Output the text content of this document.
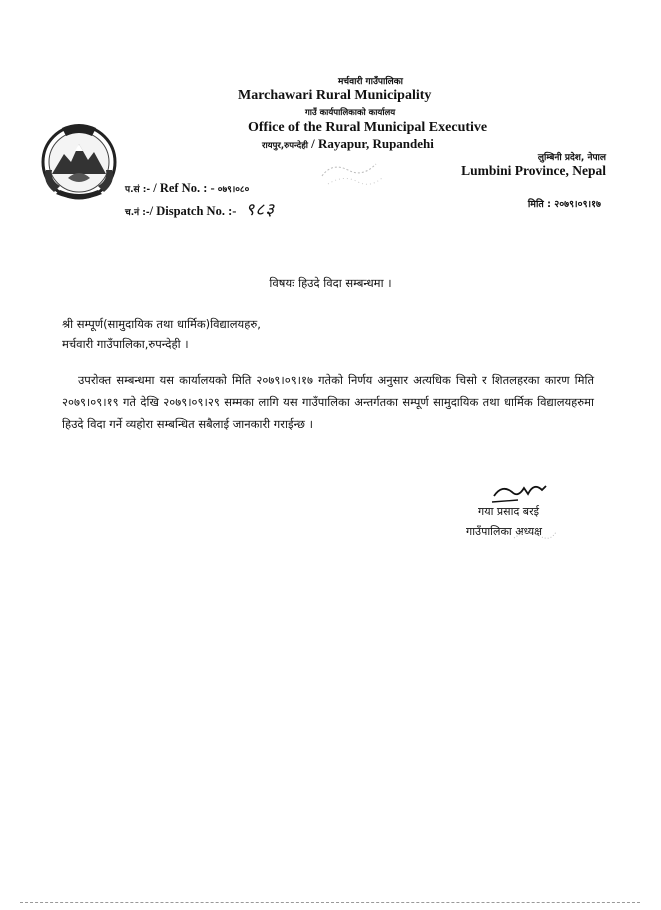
मर्चवारी गाउँपालिका
Marchawari Rural Municipality
गाउँ कार्यपालिकाको कार्यालय
Office of the Rural Municipal Executive
रायपुर,रुपन्देही / Rayapur, Rupandehi
लुम्बिनी प्रदेश, नेपाल
Lumbini Province, Nepal
प.सं :- / Ref No. : - ०७९।०८०
च.नं :-/ Dispatch No. :- ९८३	मिति : २०७९।०९।१७
विषयः हिउदे विदा सम्बन्धमा ।
श्री सम्पूर्ण(सामुदायिक तथा धार्मिक)विद्यालयहरु,
मर्चवारी गाउँपालिका,रुपन्देही ।
उपरोक्त सम्बन्धमा यस कार्यालयको मिति २०७९।०९।१७ गतेको निर्णय अनुसार अत्यधिक चिसो र शितलहरका कारण मिति २०७९।०९।१९ गते देखि २०७९।०९।२९ सम्मका लागि यस गाउँपालिका अन्तर्गतका सम्पूर्ण सामुदायिक तथा धार्मिक विद्यालयहरुमा हिउदे विदा गर्ने व्यहोरा सम्बन्धित सबैलाई जानकारी गराईन्छ ।
गया प्रसाद बरई
गाउँपालिका अध्यक्ष
